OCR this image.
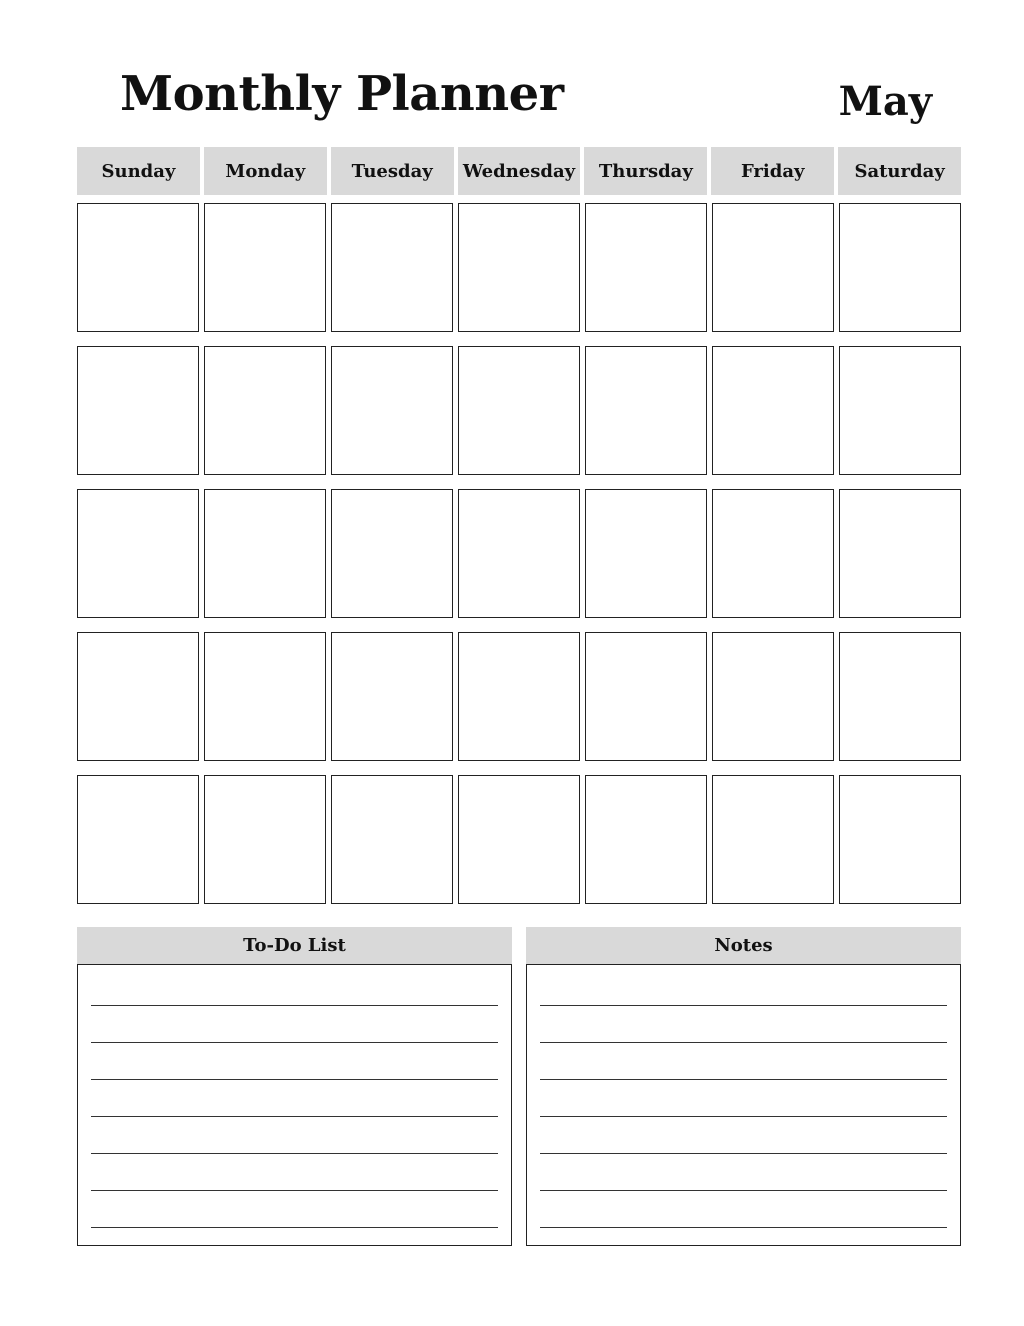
Monthly Planner	May
Sunday	Monday	Tuesday	Wednesday	Thursday	Friday	Saturday
To-Do List	Notes
